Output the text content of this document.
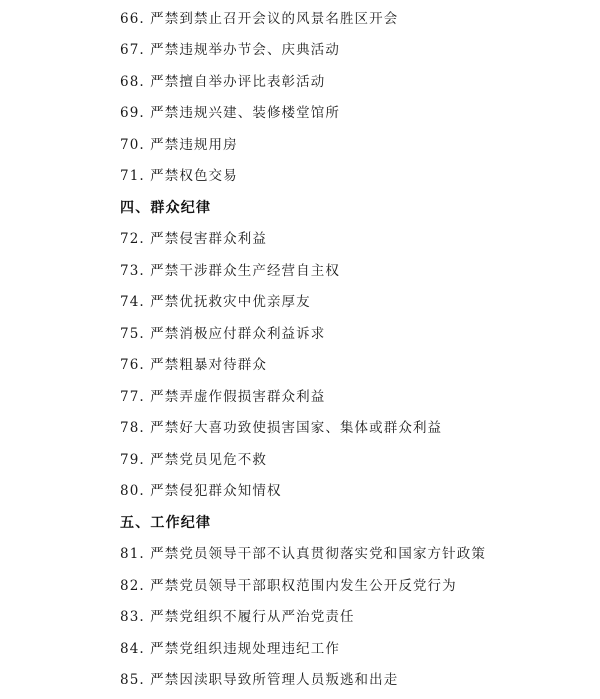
66. 严禁到禁止召开会议的风景名胜区开会
67. 严禁违规举办节会、庆典活动
68. 严禁擅自举办评比表彰活动
69. 严禁违规兴建、装修楼堂馆所
70. 严禁违规用房
71. 严禁权色交易
四、群众纪律
72. 严禁侵害群众利益
73. 严禁干涉群众生产经营自主权
74. 严禁优抚救灾中优亲厚友
75. 严禁消极应付群众利益诉求
76. 严禁粗暴对待群众
77. 严禁弄虚作假损害群众利益
78. 严禁好大喜功致使损害国家、集体或群众利益
79. 严禁党员见危不救
80. 严禁侵犯群众知情权
五、工作纪律
81. 严禁党员领导干部不认真贯彻落实党和国家方针政策
82. 严禁党员领导干部职权范围内发生公开反党行为
83. 严禁党组织不履行从严治党责任
84. 严禁党组织违规处理违纪工作
85. 严禁因渎职导致所管理人员叛逃和出走
